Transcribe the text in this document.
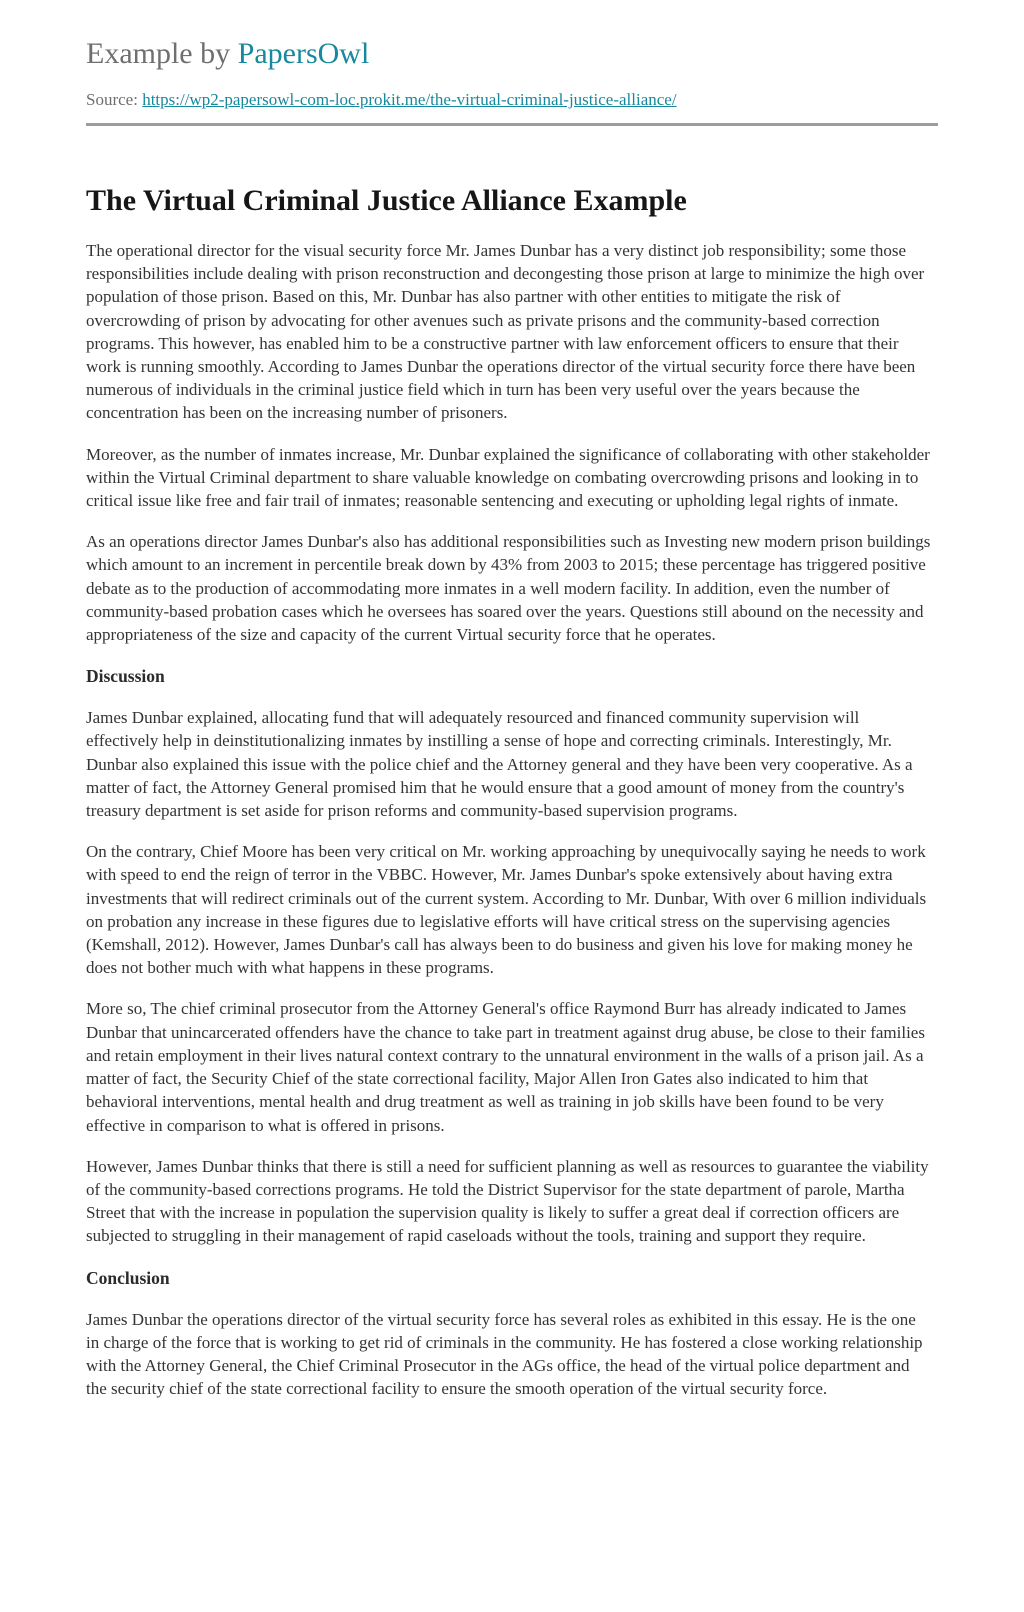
Example by PapersOwl
Source: https://wp2-papersowl-com-loc.prokit.me/the-virtual-criminal-justice-alliance/
The Virtual Criminal Justice Alliance Example

The operational director for the visual security force Mr. James Dunbar has a very distinct job responsibility; some those responsibilities include dealing with prison reconstruction and decongesting those prison at large to minimize the high over population of those prison. Based on this, Mr. Dunbar has also partner with other entities to mitigate the risk of overcrowding of prison by advocating for other avenues such as private prisons and the community-based correction programs. This however, has enabled him to be a constructive partner with law enforcement officers to ensure that their work is running smoothly. According to James Dunbar the operations director of the virtual security force there have been numerous of individuals in the criminal justice field which in turn has been very useful over the years because the concentration has been on the increasing number of prisoners.

Moreover, as the number of inmates increase, Mr. Dunbar explained the significance of collaborating with other stakeholder within the Virtual Criminal department to share valuable knowledge on combating overcrowding prisons and looking in to critical issue like free and fair trail of inmates; reasonable sentencing and executing or upholding legal rights of inmate.

As an operations director James Dunbar's also has additional responsibilities such as Investing new modern prison buildings which amount to an increment in percentile break down by 43% from 2003 to 2015; these percentage has triggered positive debate as to the production of accommodating more inmates in a well modern facility. In addition, even the number of community-based probation cases which he oversees has soared over the years. Questions still abound on the necessity and appropriateness of the size and capacity of the current Virtual security force that he operates.

Discussion

James Dunbar explained, allocating fund that will adequately resourced and financed community supervision will effectively help in deinstitutionalizing inmates by instilling a sense of hope and correcting criminals. Interestingly, Mr. Dunbar also explained this issue with the police chief and the Attorney general and they have been very cooperative. As a matter of fact, the Attorney General promised him that he would ensure that a good amount of money from the country's treasury department is set aside for prison reforms and community-based supervision programs.

On the contrary, Chief Moore has been very critical on Mr. working approaching by unequivocally saying he needs to work with speed to end the reign of terror in the VBBC. However, Mr. James Dunbar's spoke extensively about having extra investments that will redirect criminals out of the current system. According to Mr. Dunbar, With over 6 million individuals on probation any increase in these figures due to legislative efforts will have critical stress on the supervising agencies (Kemshall, 2012). However, James Dunbar's call has always been to do business and given his love for making money he does not bother much with what happens in these programs.

More so, The chief criminal prosecutor from the Attorney General's office Raymond Burr has already indicated to James Dunbar that unincarcerated offenders have the chance to take part in treatment against drug abuse, be close to their families and retain employment in their lives natural context contrary to the unnatural environment in the walls of a prison jail. As a matter of fact, the Security Chief of the state correctional facility, Major Allen Iron Gates also indicated to him that behavioral interventions, mental health and drug treatment as well as training in job skills have been found to be very effective in comparison to what is offered in prisons.

However, James Dunbar thinks that there is still a need for sufficient planning as well as resources to guarantee the viability of the community-based corrections programs. He told the District Supervisor for the state department of parole, Martha Street that with the increase in population the supervision quality is likely to suffer a great deal if correction officers are subjected to struggling in their management of rapid caseloads without the tools, training and support they require.

Conclusion

James Dunbar the operations director of the virtual security force has several roles as exhibited in this essay. He is the one in charge of the force that is working to get rid of criminals in the community. He has fostered a close working relationship with the Attorney General, the Chief Criminal Prosecutor in the AGs office, the head of the virtual police department and the security chief of the state correctional facility to ensure the smooth operation of the virtual security force.
